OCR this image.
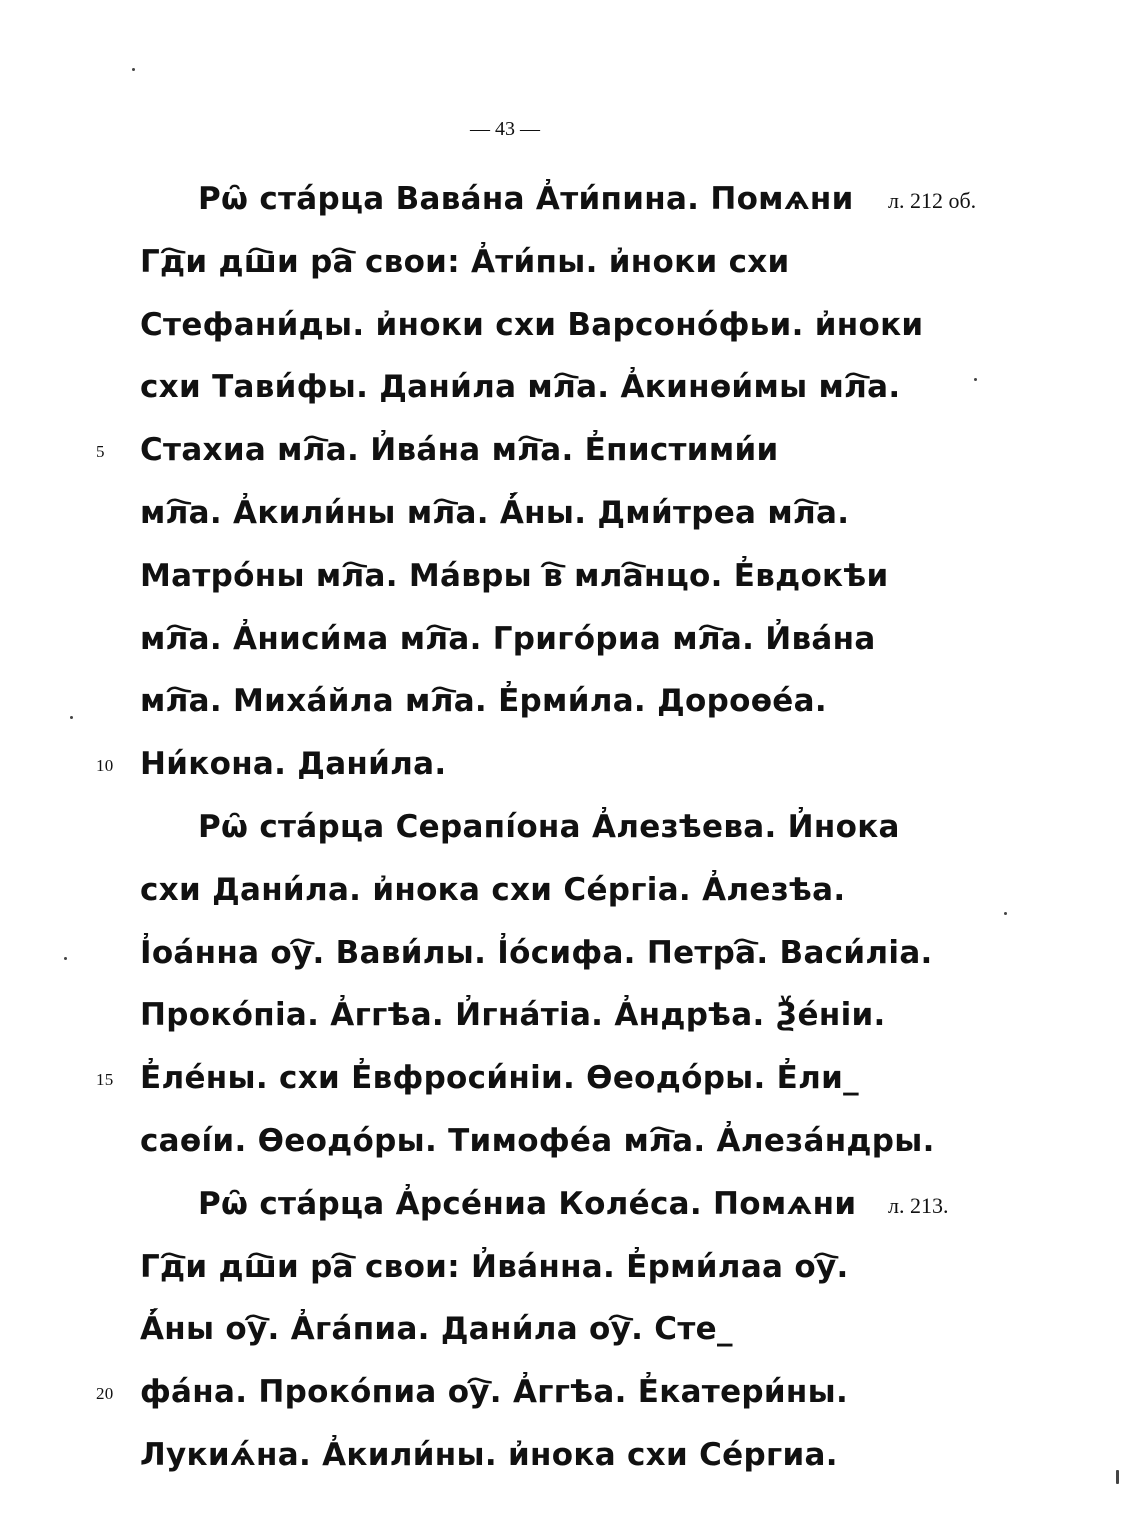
— 43 —
Рѡ̑ ста́рца Вава́на А҆ти́пина. Помѧни л. 212 об.
Гд҇и дш҇и ра҇ свои: А҆ти́пы. и҆ноки схи
Стефани́ды. и҆ноки схи Варсоно́фьи. и҆ноки
схи Тави́фы. Дани́ла мл҇а. А҆кинѳи́мы мл҇а.
Стахиа мл҇а. И҆ва́на мл҇а. Е҆пистими́и
5
мл҇а. А҆кили́ны мл҇а. А҆́ны. Дми́треа мл҇а.
Матро́ны мл҇а. Ма́вры в҇ мла҇нцо. Е҆вдокѣи
мл҇а. А҆ниси́ма мл҇а. Григо́риа мл҇а. И҆ва́на
мл҇а. Миха́йла мл҇а. Е҆рми́ла. Дороѳе́а.
Ни́кона. Дани́ла.
10
Рѡ̑ ста́рца Серапі́она А҆лезѣева. И҆нока
схи Дани́ла. и҆нока схи Се́ргіа. А҆лезѣа.
І҆оа́нна оу҇. Вави́лы. І҆о́сифа. Петра҇. Васи́ліа.
Проко́піа. А҆ггѣа. И҆гна́тіа. А҆ндрѣа. Ѯе́ніи.
Е҆ле́ны. схи Е҆вфроси́ніи. Ѳеодо́ры. Е҆ли_
15
саѳі́и. Ѳеодо́ры. Тимофе́а мл҇а. А҆леза́ндры.
Рѡ̑ ста́рца А҆рсе́ниа Коле́са. Помѧни л. 213.
Гд҇и дш҇и ра҇ свои: И҆ва́нна. Е҆рми́лаа оу҇.
А҆́ны оу҇. А҆га́пиа. Дани́ла оу҇. Сте_
фа́на. Проко́пиа оу҇. А҆ггѣа. Е҆катери́ны.
20
Лукиѧ́на. А҆кили́ны. и҆нока схи Се́ргиа.
